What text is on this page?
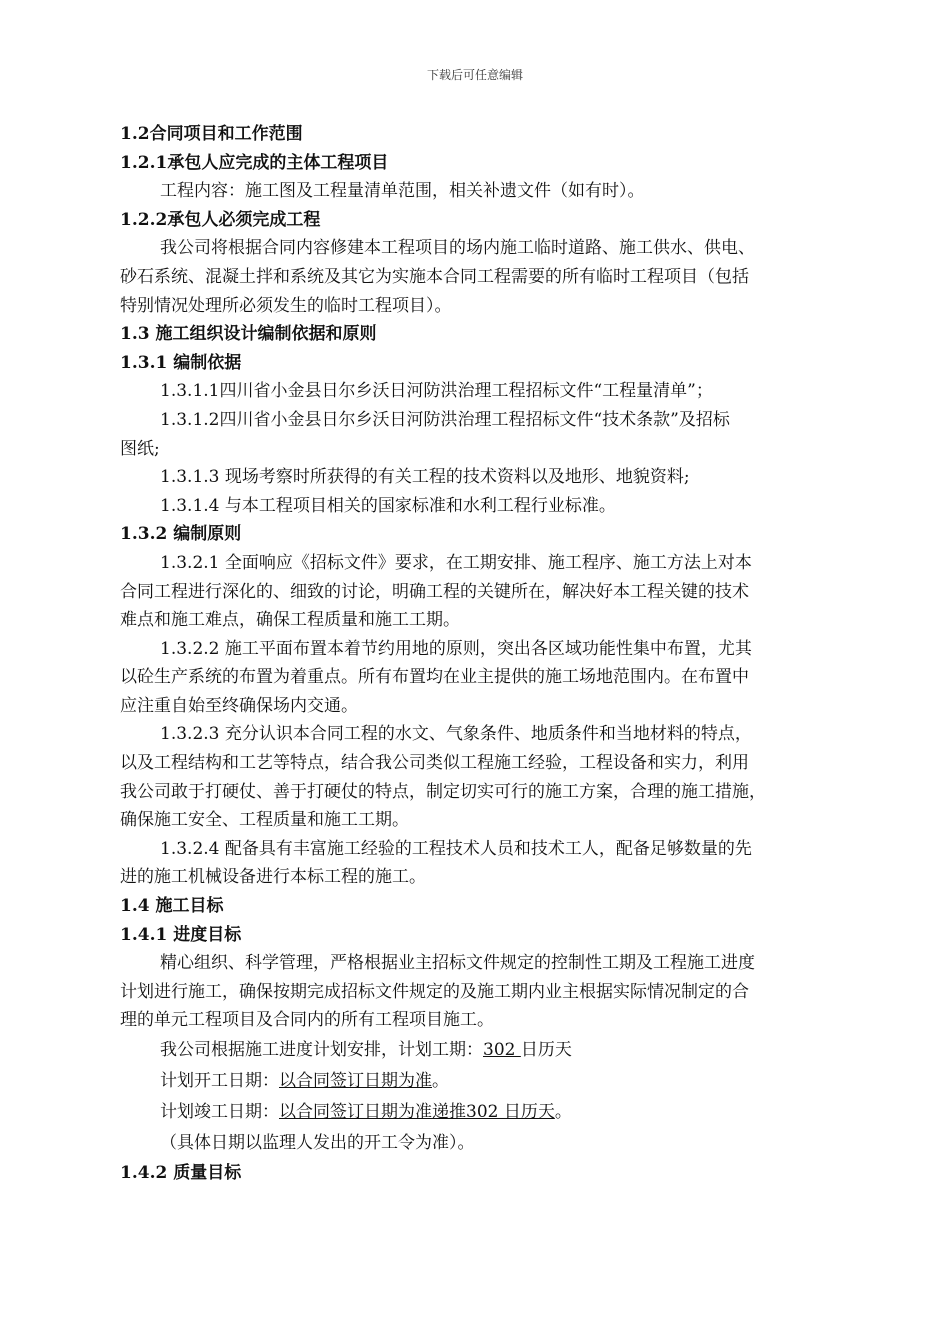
下载后可任意编辑
1.2合同项目和工作范围
1.2.1承包人应完成的主体工程项目
工程内容：施工图及工程量清单范围，相关补遗文件（如有时）。
1.2.2承包人必须完成工程
我公司将根据合同内容修建本工程项目的场内施工临时道路、施工供水、供电、
砂石系统、混凝土拌和系统及其它为实施本合同工程需要的所有临时工程项目（包括
特别情况处理所必须发生的临时工程项目）。
1.3 施工组织设计编制依据和原则
1.3.1 编制依据
1.3.1.1四川省小金县日尔乡沃日河防洪治理工程招标文件“工程量清单”；
1.3.1.2四川省小金县日尔乡沃日河防洪治理工程招标文件“技术条款”及招标
图纸;
1.3.1.3 现场考察时所获得的有关工程的技术资料以及地形、地貌资料;
1.3.1.4 与本工程项目相关的国家标准和水利工程行业标准。
1.3.2 编制原则
1.3.2.1 全面响应《招标文件》要求，在工期安排、施工程序、施工方法上对本
合同工程进行深化的、细致的讨论，明确工程的关键所在，解决好本工程关键的技术
难点和施工难点，确保工程质量和施工工期。
1.3.2.2 施工平面布置本着节约用地的原则，突出各区域功能性集中布置，尤其
以砼生产系统的布置为着重点。所有布置均在业主提供的施工场地范围内。在布置中
应注重自始至终确保场内交通。
1.3.2.3 充分认识本合同工程的水文、气象条件、地质条件和当地材料的特点，
以及工程结构和工艺等特点，结合我公司类似工程施工经验，工程设备和实力，利用
我公司敢于打硬仗、善于打硬仗的特点，制定切实可行的施工方案，合理的施工措施，
确保施工安全、工程质量和施工工期。
1.3.2.4 配备具有丰富施工经验的工程技术人员和技术工人，配备足够数量的先
进的施工机械设备进行本标工程的施工。
1.4 施工目标
1.4.1 进度目标
精心组织、科学管理，严格根据业主招标文件规定的控制性工期及工程施工进度
计划进行施工，确保按期完成招标文件规定的及施工期内业主根据实际情况制定的合
理的单元工程项目及合同内的所有工程项目施工。
我公司根据施工进度计划安排，计划工期：302 日历天
计划开工日期：以合同签订日期为准。
计划竣工日期：以合同签订日期为准递推302 日历天。
（具体日期以监理人发出的开工令为准）。
1.4.2 质量目标
